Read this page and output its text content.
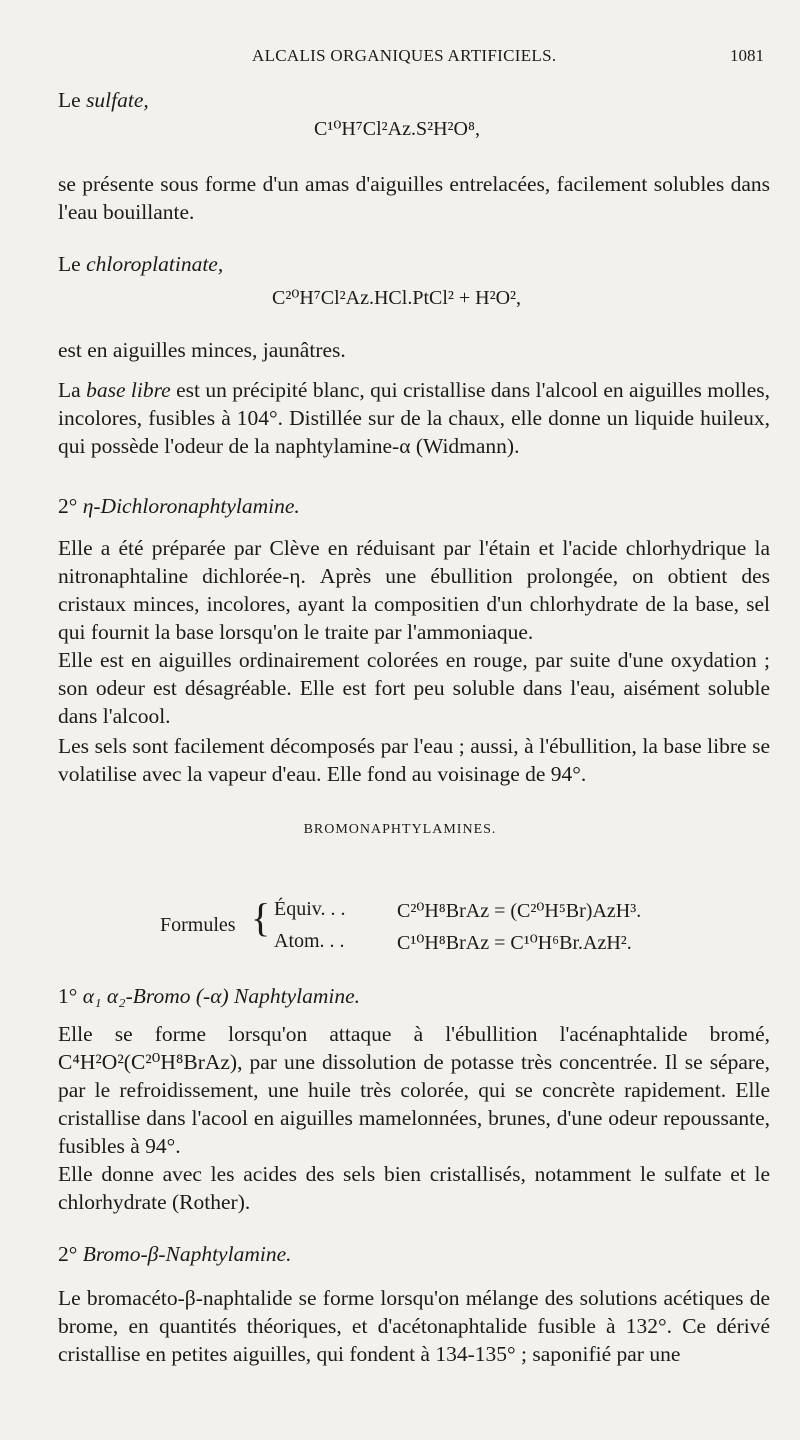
ALCALIS ORGANIQUES ARTIFICIELS.	1081
Le sulfate,
C¹⁰H⁷Cl²Az.S²H²O⁸,

se présente sous forme d'un amas d'aiguilles entrelacées, facilement solubles dans l'eau bouillante.

Le chloroplatinate,
C²⁰H⁷Cl²Az.HCl.PtCl² + H²O²,

est en aiguilles minces, jaunâtres.

La base libre est un précipité blanc, qui cristallise dans l'alcool en aiguilles molles, incolores, fusibles à 104°. Distillée sur de la chaux, elle donne un liquide huileux, qui possède l'odeur de la naphtylamine-α (Widmann).

2° η-Dichloronaphtylamine.

Elle a été préparée par Clève en réduisant par l'étain et l'acide chlorhydrique la nitronaphtaline dichlorée-η. Après une ébullition prolongée, on obtient des cristaux minces, incolores, ayant la compositien d'un chlorhydrate de la base, sel qui fournit la base lorsqu'on le traite par l'ammoniaque.

Elle est en aiguilles ordinairement colorées en rouge, par suite d'une oxydation ; son odeur est désagréable. Elle est fort peu soluble dans l'eau, aisément soluble dans l'alcool.

Les sels sont facilement décomposés par l'eau ; aussi, à l'ébullition, la base libre se volatilise avec la vapeur d'eau. Elle fond au voisinage de 94°.

BROMONAPHTYLAMINES.
Formules { Équiv. . .	C²⁰H⁸BrAz = (C²⁰H⁵Br)AzH³.
Atom. . .	C¹⁰H⁸BrAz = C¹⁰H⁶Br.AzH².
1° α₁ α₂-Bromo (-α) Naphtylamine.

Elle se forme lorsqu'on attaque à l'ébullition l'acénaphtalide bromé, C⁴H²O²(C²⁰H⁸BrAz), par une dissolution de potasse très concentrée. Il se sépare, par le refroidissement, une huile très colorée, qui se concrète rapidement. Elle cristallise dans l'acool en aiguilles mamelonnées, brunes, d'une odeur repoussante, fusibles à 94°.

Elle donne avec les acides des sels bien cristallisés, notamment le sulfate et le chlorhydrate (Rother).

2° Bromo-β-Naphtylamine.

Le bromacéto-β-naphtalide se forme lorsqu'on mélange des solutions acétiques de brome, en quantités théoriques, et d'acétonaphtalide fusible à 132°. Ce dérivé cristallise en petites aiguilles, qui fondent à 134-135° ; saponifié par une
